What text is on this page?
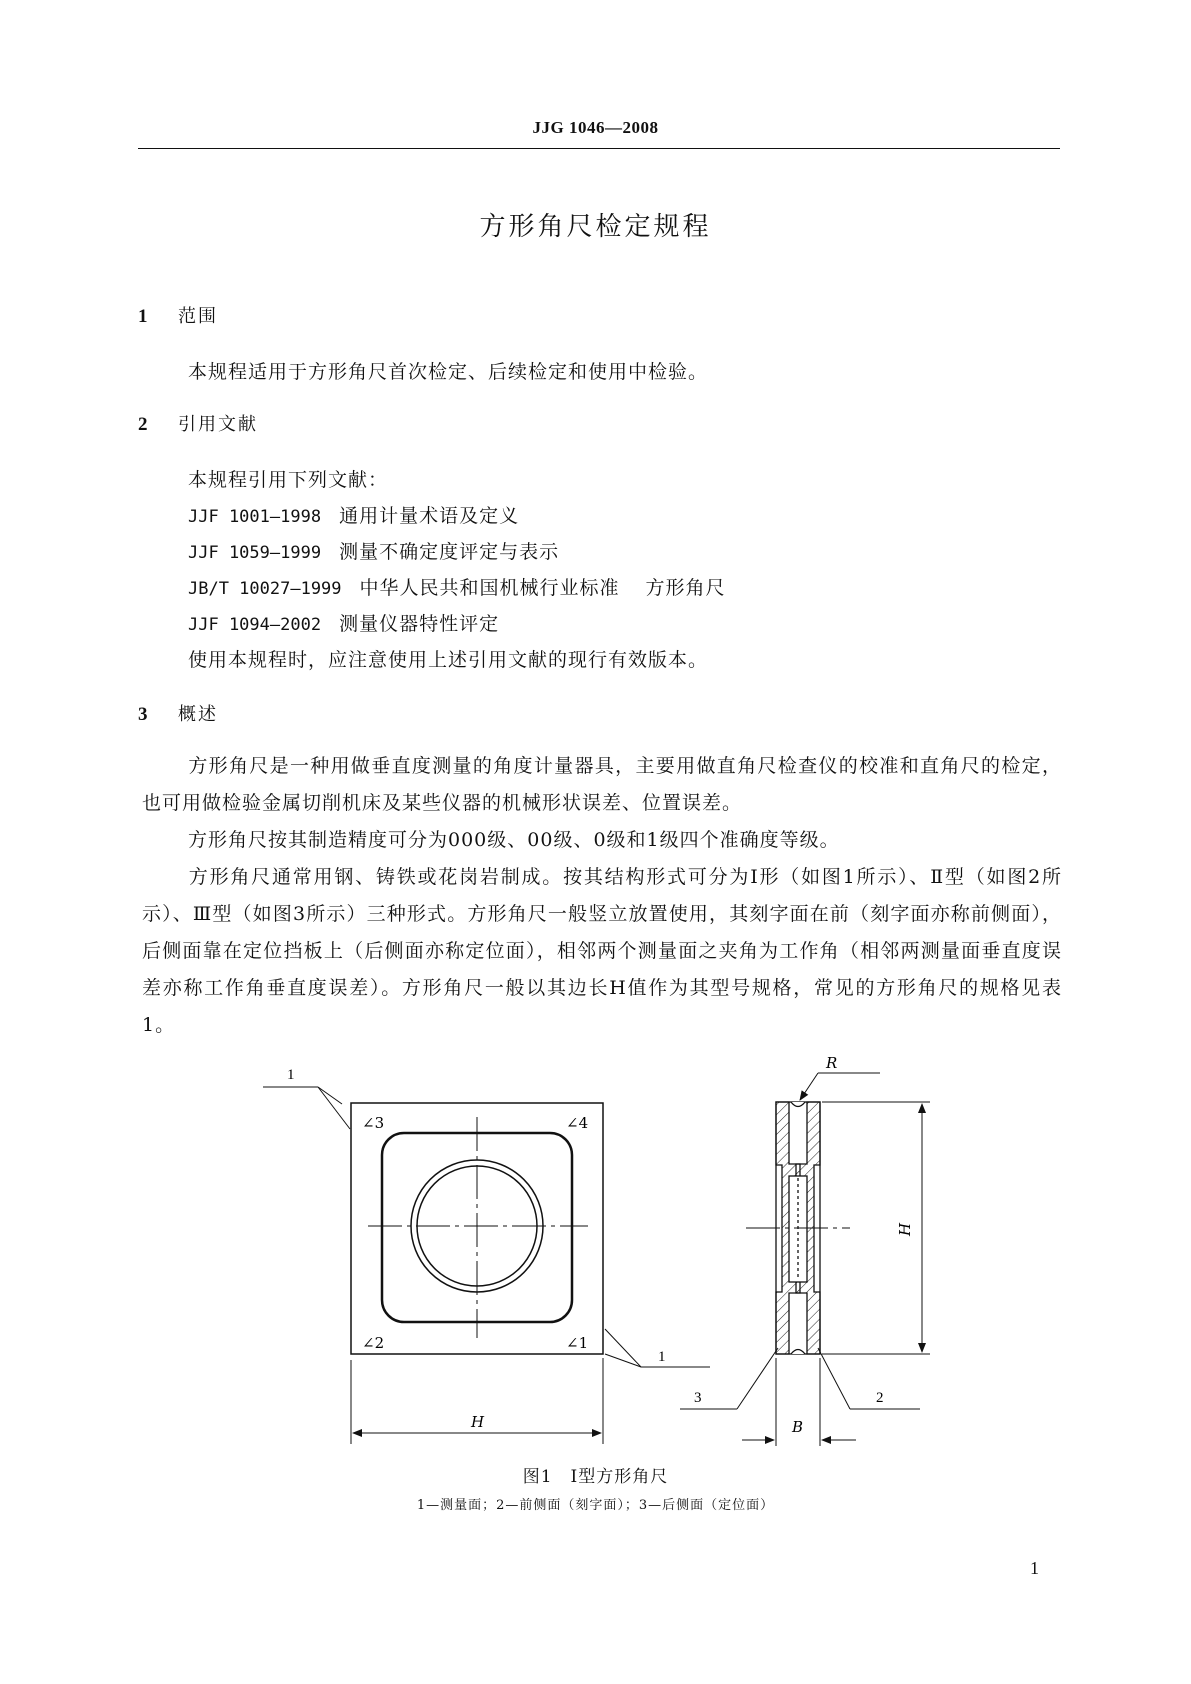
JJG 1046—2008
方形角尺检定规程
1 范围
本规程适用于方形角尺首次检定、后续检定和使用中检验。
2 引用文献
本规程引用下列文献：
JJF 1001—1998 通用计量术语及定义
JJF 1059—1999 测量不确定度评定与表示
JB/T 10027—1999 中华人民共和国机械行业标准 方形角尺
JJF 1094—2002 测量仪器特性评定
使用本规程时，应注意使用上述引用文献的现行有效版本。
3 概述
方形角尺是一种用做垂直度测量的角度计量器具，主要用做直角尺检查仪的校准和直角尺的检定，也可用做检验金属切削机床及某些仪器的机械形状误差、位置误差。
方形角尺按其制造精度可分为000级、00级、0级和1级四个准确度等级。
方形角尺通常用钢、铸铁或花岗岩制成。按其结构形式可分为Ⅰ形（如图1所示）、Ⅱ型（如图2所示）、Ⅲ型（如图3所示）三种形式。方形角尺一般竖立放置使用，其刻字面在前（刻字面亦称前侧面），后侧面靠在定位挡板上（后侧面亦称定位面），相邻两个测量面之夹角为工作角（相邻两测量面垂直度误差亦称工作角垂直度误差）。方形角尺一般以其边长H值作为其型号规格，常见的方形角尺的规格见表1。
∠3	∠4
∠2	∠1
1
1
H
R
H
3	2
B
图1　Ⅰ型方形角尺
1—测量面；2—前侧面（刻字面）；3—后侧面（定位面）
1
